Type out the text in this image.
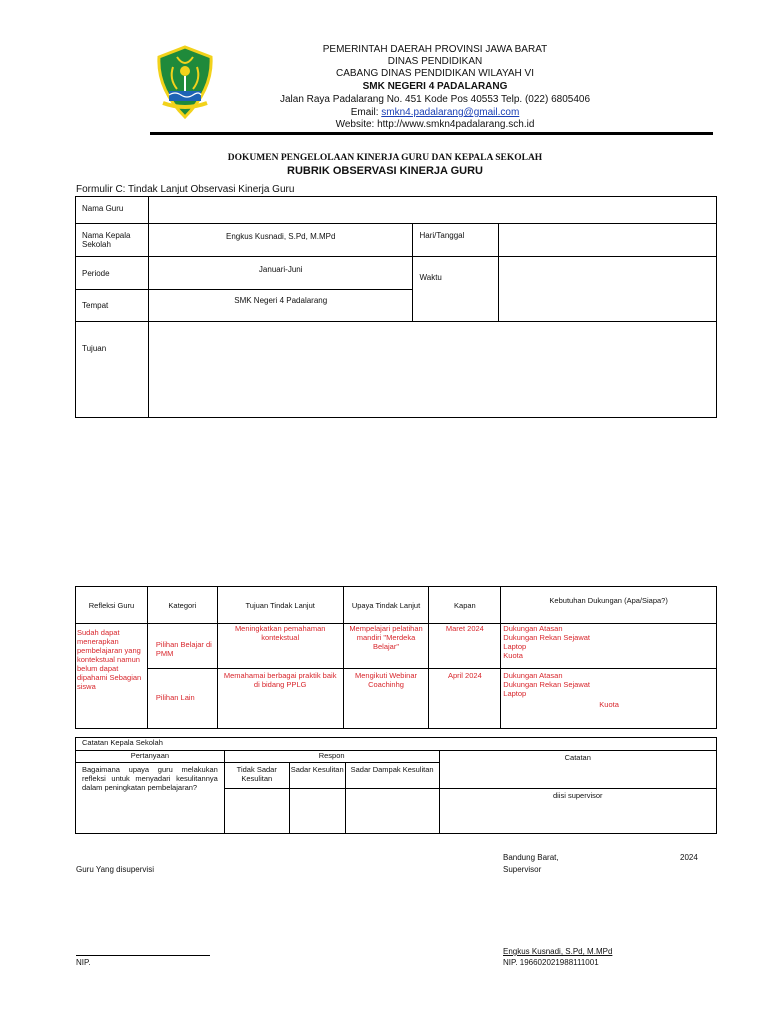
PEMERINTAH DAERAH PROVINSI JAWA BARAT
DINAS PENDIDIKAN
CABANG DINAS PENDIDIKAN WILAYAH VI
SMK NEGERI 4 PADALARANG
Jalan Raya Padalarang No. 451 Kode Pos 40553 Telp. (022) 6805406
Email: smkn4.padalarang@gmail.com
Website: http://www.smkn4padalarang.sch.id
DOKUMEN PENGELOLAAN KINERJA GURU DAN KEPALA SEKOLAH
RUBRIK OBSERVASI KINERJA GURU
Formulir C: Tindak Lanjut Observasi Kinerja Guru
Nama Guru			
Nama Kepala Sekolah	Engkus Kusnadi, S.Pd, M.MPd	Hari/Tanggal	
Periode	Januari-Juni	Waktu	
Tempat	SMK Negeri 4 Padalarang		
Tujuan			
Refleksi Guru	Kategori	Tujuan Tindak Lanjut	Upaya Tindak Lanjut	Kapan	Kebutuhan Dukungan (Apa/Siapa?)
Sudah dapat menerapkan pembelajaran yang kontekstual namun belum dapat dipahami Sebagian siswa	Pilihan Belajar di PMM	Meningkatkan pemahaman kontekstual	Mempelajari pelatihan mandiri "Merdeka Belajar"	Maret 2024	Dukungan Atasan
Dukungan Rekan Sejawat
Laptop
Kuota

	Pilihan Lain	Memahamai berbagai praktik baik di bidang PPLG	Mengikuti Webinar Coachinhg	April 2024	Dukungan Atasan
Dukungan Rekan Sejawat
Laptop
Kuota
Catatan Kepala Sekolah				
Pertanyaan	Respon			Catatan
Bagaimana upaya guru melakukan refleksi untuk menyadari kesulitannya dalam peningkatan pembelajaran?	Tidak Sadar Kesulitan	Sadar Kesulitan	Sadar Dampak Kesulitan	
				diisi supervisor
Guru Yang disupervisi
Bandung Barat,	2024
Supervisor
NIP.
Engkus Kusnadi, S.Pd, M.MPd
NIP. 196602021988111001
